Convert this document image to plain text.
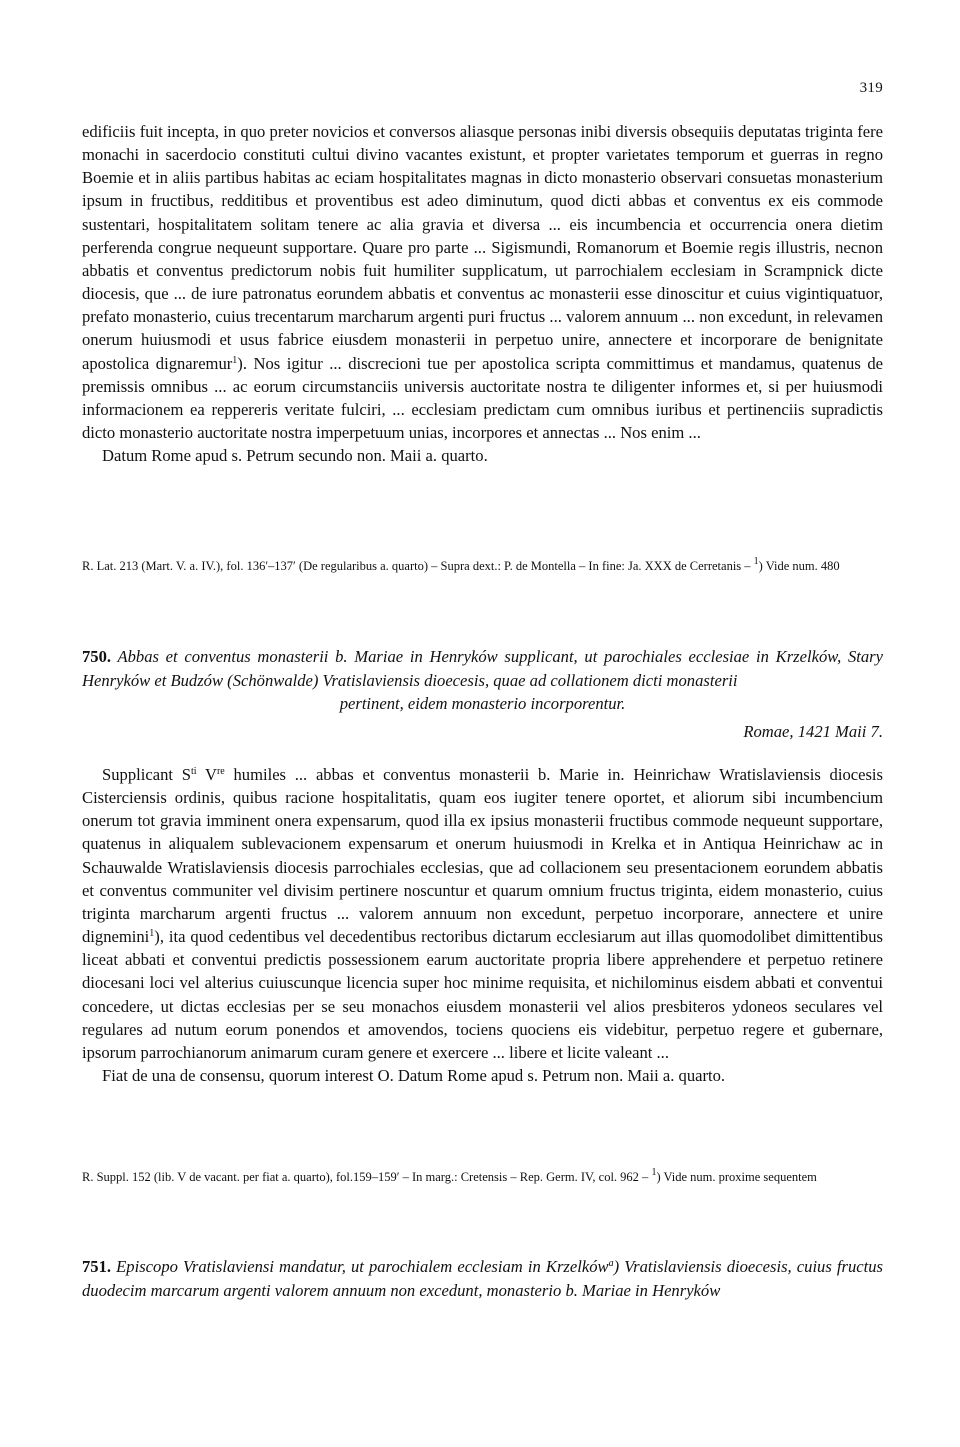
319

edificiis fuit incepta, in quo preter novicios et conversos aliasque personas inibi diversis obsequiis deputatas triginta fere monachi in sacerdocio constituti cultui divino vacantes existunt, et propter varietates temporum et guerras in regno Boemie et in aliis partibus habitas ac eciam hospitalitates magnas in dicto monasterio observari consuetas monasterium ipsum in fructibus, redditibus et proventibus est adeo diminutum, quod dicti abbas et conventus ex eis commode sustentari, hospitalitatem solitam tenere ac alia gravia et diversa ... eis incumbencia et occurrencia onera dietim perferenda congrue nequeunt supportare. Quare pro parte ... Sigismundi, Romanorum et Boemie regis illustris, necnon abbatis et conventus predictorum nobis fuit humiliter supplicatum, ut parrochialem ecclesiam in Scrampnick dicte diocesis, que ... de iure patronatus eorundem abbatis et conventus ac monasterii esse dinoscitur et cuius vigintiquatuor, prefato monasterio, cuius trecentarum marcharum argenti puri fructus ... valorem annuum ... non excedunt, in relevamen onerum huiusmodi et usus fabrice eiusdem monasterii in perpetuo unire, annectere et incorporare de benignitate apostolica dignaremur$^1$). Nos igitur ... discrecioni tue per apostolica scripta committimus et mandamus, quatenus de premissis omnibus ... ac eorum circumstanciis universis auctoritate nostra te diligenter informes et, si per huiusmodi informacionem ea reppereris veritate fulciri, ... ecclesiam predictam cum omnibus iuribus et pertinenciis supradictis dicto monasterio auctoritate nostra imperpetuum unias, incorpores et annectas ... Nos enim ...

Datum Rome apud s. Petrum secundo non. Maii a. quarto.

R. Lat. 213 (Mart. V. a. IV.), fol. 136′–137′ (De regularibus a. quarto) – Supra dext.: P. de Montella – In fine: Ja. XXX de Cerretanis – $^1$) Vide num. 480

750. Abbas et conventus monasterii b. Mariae in Henryków supplicant, ut parochiales ecclesiae in Krzelków, Stary Henryków et Budzów (Schönwalde) Vratislaviensis dioecesis, quae ad collationem dicti monasterii
pertinent, eidem monasterio incorporentur.
Romae, 1421 Maii 7.

Supplicant $S^{ti}$ Vre humiles ... abbas et conventus monasterii b. Marie in. Heinrichaw Wratislaviensis diocesis Cisterciensis ordinis, quibus racione hospitalitatis, quam eos iugiter tenere oportet, et aliorum sibi incumbencium onerum tot gravia imminent onera expensarum, quod illa ex ipsius monasterii fructibus commode nequeunt supportare, quatenus in aliqualem sublevacionem expensarum et onerum huiusmodi in Krelka et in Antiqua Heinrichaw ac in Schauwalde Wratislaviensis diocesis parrochiales ecclesias, que ad collacionem seu presentacionem eorundem abbatis et conventus communiter vel divisim pertinere noscuntur et quarum omnium fructus triginta, eidem monasterio, cuius triginta marcharum argenti fructus ... valorem annuum non excedunt, perpetuo incorporare, annectere et unire dignemini$^1$), ita quod cedentibus vel decedentibus rectoribus dictarum ecclesiarum aut illas quomodolibet dimittentibus liceat abbati et conventui predictis possessionem earum auctoritate propria libere apprehendere et perpetuo retinere diocesani loci vel alterius cuiuscunque licencia super hoc minime requisita, et nichilominus eisdem abbati et conventui concedere, ut dictas ecclesias per se seu monachos eiusdem monasterii vel alios presbiteros ydoneos seculares vel regulares ad nutum eorum ponendos et amovendos, tociens quociens eis videbitur, perpetuo regere et gubernare, ipsorum parrochianorum animarum curam genere et exercere ... libere et licite valeant ...

Fiat de una de consensu, quorum interest O. Datum Rome apud s. Petrum non. Maii a. quarto.

R. Suppl. 152 (lib. V de vacant. per fiat a. quarto), fol.159–159′ – In marg.: Cretensis – Rep. Germ. IV, col. 962 – $^1$) Vide num. proxime sequentem

751. Episcopo Vratislaviensi mandatur, ut parochialem ecclesiam in Krzelków$^a$) Vratislaviensis dioecesis, cuius fructus duodecim marcarum argenti valorem annuum non excedunt, monasterio b. Mariae in Henryków
